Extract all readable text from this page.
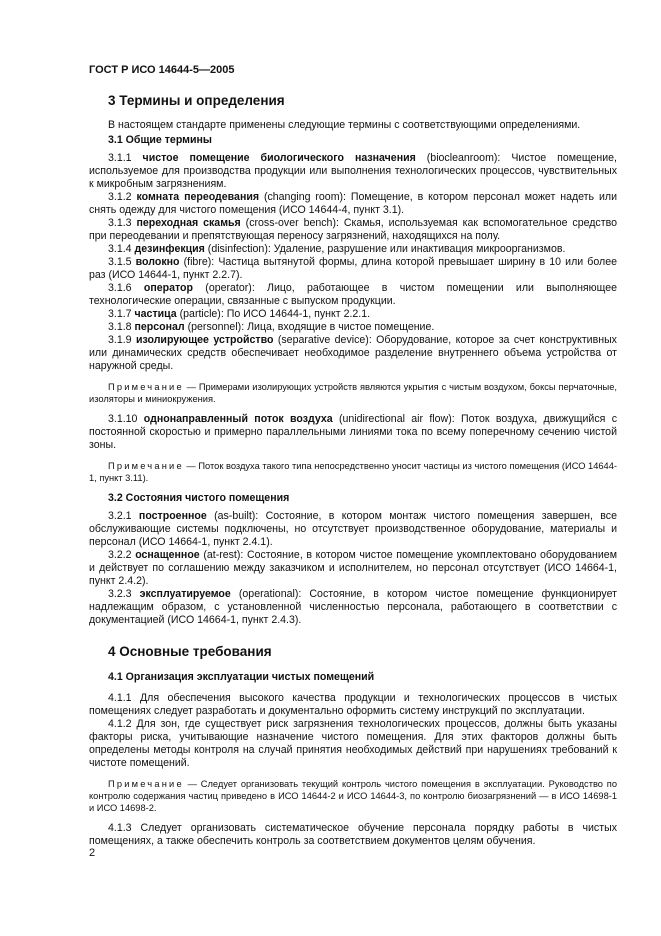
ГОСТ Р ИСО 14644-5—2005
3 Термины и определения

В настоящем стандарте применены следующие термины с соответствующими определениями.

3.1 Общие термины

3.1.1 чистое помещение биологического назначения (biocleanroom): Чистое помещение, используемое для производства продукции или выполнения технологических процессов, чувствительных к микробным загрязнениям.

3.1.2 комната переодевания (changing room): Помещение, в котором персонал может надеть или снять одежду для чистого помещения (ИСО 14644-4, пункт 3.1).

3.1.3 переходная скамья (cross-over bench): Скамья, используемая как вспомогательное средство при переодевании и препятствующая переносу загрязнений, находящихся на полу.

3.1.4 дезинфекция (disinfection): Удаление, разрушение или инактивация микроорганизмов.

3.1.5 волокно (fibre): Частица вытянутой формы, длина которой превышает ширину в 10 или более раз (ИСО 14644-1, пункт 2.2.7).

3.1.6 оператор (operator): Лицо, работающее в чистом помещении или выполняющее технологические операции, связанные с выпуском продукции.

3.1.7 частица (particle): По ИСО 14644-1, пункт 2.2.1.

3.1.8 персонал (personnel): Лица, входящие в чистое помещение.

3.1.9 изолирующее устройство (separative device): Оборудование, которое за счет конструктивных или динамических средств обеспечивает необходимое разделение внутреннего объема устройства от наружной среды.

Примечание — Примерами изолирующих устройств являются укрытия с чистым воздухом, боксы перчаточные, изоляторы и миниокружения.

3.1.10 однонаправленный поток воздуха (unidirectional air flow): Поток воздуха, движущийся с постоянной скоростью и примерно параллельными линиями тока по всему поперечному сечению чистой зоны.

Примечание — Поток воздуха такого типа непосредственно уносит частицы из чистого помещения (ИСО 14644-1, пункт 3.11).

3.2 Состояния чистого помещения

3.2.1 построенное (as-built): Состояние, в котором монтаж чистого помещения завершен, все обслуживающие системы подключены, но отсутствует производственное оборудование, материалы и персонал (ИСО 14664-1, пункт 2.4.1).

3.2.2 оснащенное (at-rest): Состояние, в котором чистое помещение укомплектовано оборудованием и действует по соглашению между заказчиком и исполнителем, но персонал отсутствует (ИСО 14664-1, пункт 2.4.2).

3.2.3 эксплуатируемое (operational): Состояние, в котором чистое помещение функционирует надлежащим образом, с установленной численностью персонала, работающего в соответствии с документацией (ИСО 14664-1, пункт 2.4.3).

4 Основные требования
4.1 Организация эксплуатации чистых помещений

4.1.1 Для обеспечения высокого качества продукции и технологических процессов в чистых помещениях следует разработать и документально оформить систему инструкций по эксплуатации.

4.1.2 Для зон, где существует риск загрязнения технологических процессов, должны быть указаны факторы риска, учитывающие назначение чистого помещения. Для этих факторов должны быть определены методы контроля на случай принятия необходимых действий при нарушениях требований к чистоте помещений.

Примечание — Следует организовать текущий контроль чистого помещения в эксплуатации. Руководство по контролю содержания частиц приведено в ИСО 14644-2 и ИСО 14644-3, по контролю биозагрязнений — в ИСО 14698-1 и ИСО 14698-2.

4.1.3 Следует организовать систематическое обучение персонала порядку работы в чистых помещениях, а также обеспечить контроль за соответствием документов целям обучения.

2
